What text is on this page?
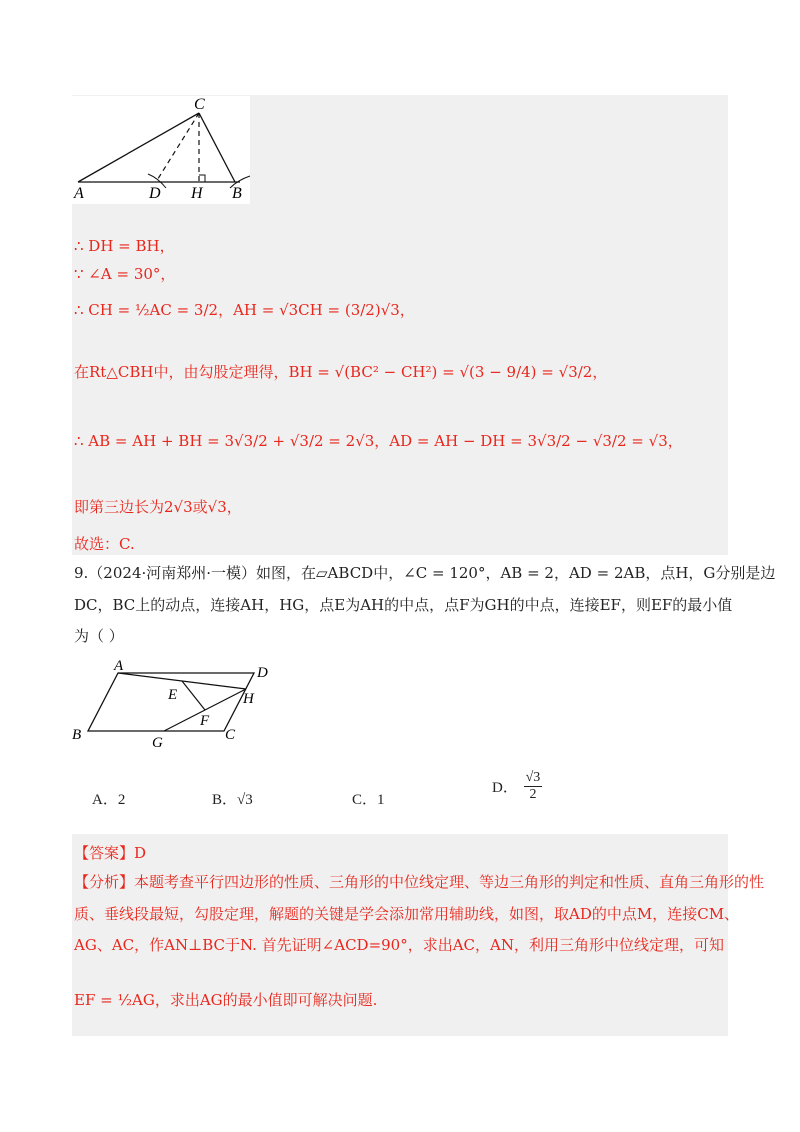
C
A	D H B
∴ DH = BH，
∵ ∠A = 30°，
∴ CH = ½AC = 3/2，AH = √3CH = (3/2)√3，
在Rt△CBH中，由勾股定理得，BH = √(BC² − CH²) = √(3 − 9/4) = √3/2，
∴ AB = AH + BH = 3√3/2 + √3/2 = 2√3，AD = AH − DH = 3√3/2 − √3/2 = √3，
即第三边长为2√3或√3，
故选：C.
9.（2024·河南郑州·一模）如图，在▱ABCD中，∠C = 120°，AB = 2，AD = 2AB，点H，G分别是边
DC，BC上的动点，连接AH，HG，点E为AH的中点，点F为GH的中点，连接EF，则EF的最小值
为（ ）
A	D
E	H
F
B	G	C
A．2	B．√3	C．1
D． $\frac{√3}{2}$
【答案】D
【分析】本题考查平行四边形的性质、三角形的中位线定理、等边三角形的判定和性质、直角三角形的性
质、垂线段最短，勾股定理，解题的关键是学会添加常用辅助线，如图，取AD的中点M，连接CM、
AG、AC，作AN⊥BC于N. 首先证明∠ACD=90°，求出AC，AN，利用三角形中位线定理，可知
EF = ½AG，求出AG的最小值即可解决问题.
